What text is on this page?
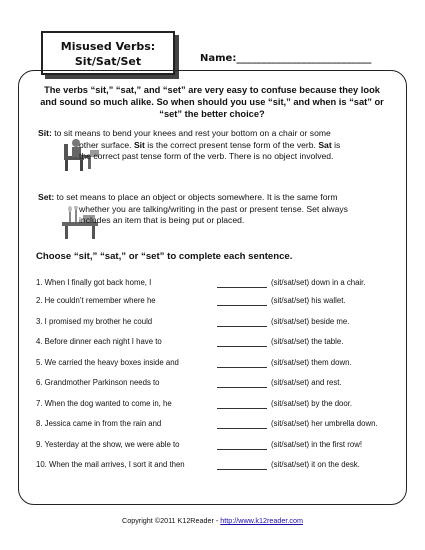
Misused Verbs:
Sit/Sat/Set	Name:___________________________
The verbs “sit,” “sat,” and “set” are very easy to confuse because they look and sound so much alike. So when should you use “sit,” and when is “sat” or “set” the better choice?
Sit: to sit means to bend your knees and rest your bottom on a chair or some
other surface. Sit is the correct present tense form of the verb. Sat is
the correct past tense form of the verb. There is no object involved.
Set: to set means to place an object or objects somewhere. It is the same form
whether you are talking/writing in the past or present tense. Set always
includes an item that is being put or placed.
Choose “sit,” “sat,” or “set” to complete each sentence.
1. When I finally got back home, I	(sit/sat/set) down in a chair.
2. He couldn’t remember where he	(sit/sat/set) his wallet.
3. I promised my brother he could	(sit/sat/set) beside me.
4. Before dinner each night I have to	(sit/sat/set) the table.
5. We carried the heavy boxes inside and	(sit/sat/set) them down.
6. Grandmother Parkinson needs to	(sit/sat/set) and rest.
7. When the dog wanted to come in, he	(sit/sat/set) by the door.
8. Jessica came in from the rain and	(sit/sat/set) her umbrella down.
9. Yesterday at the show, we were able to	(sit/sat/set) in the first row!
10. When the mail arrives, I sort it and then	(sit/sat/set) it on the desk.
Copyright ©2011 K12Reader - http://www.k12reader.com
